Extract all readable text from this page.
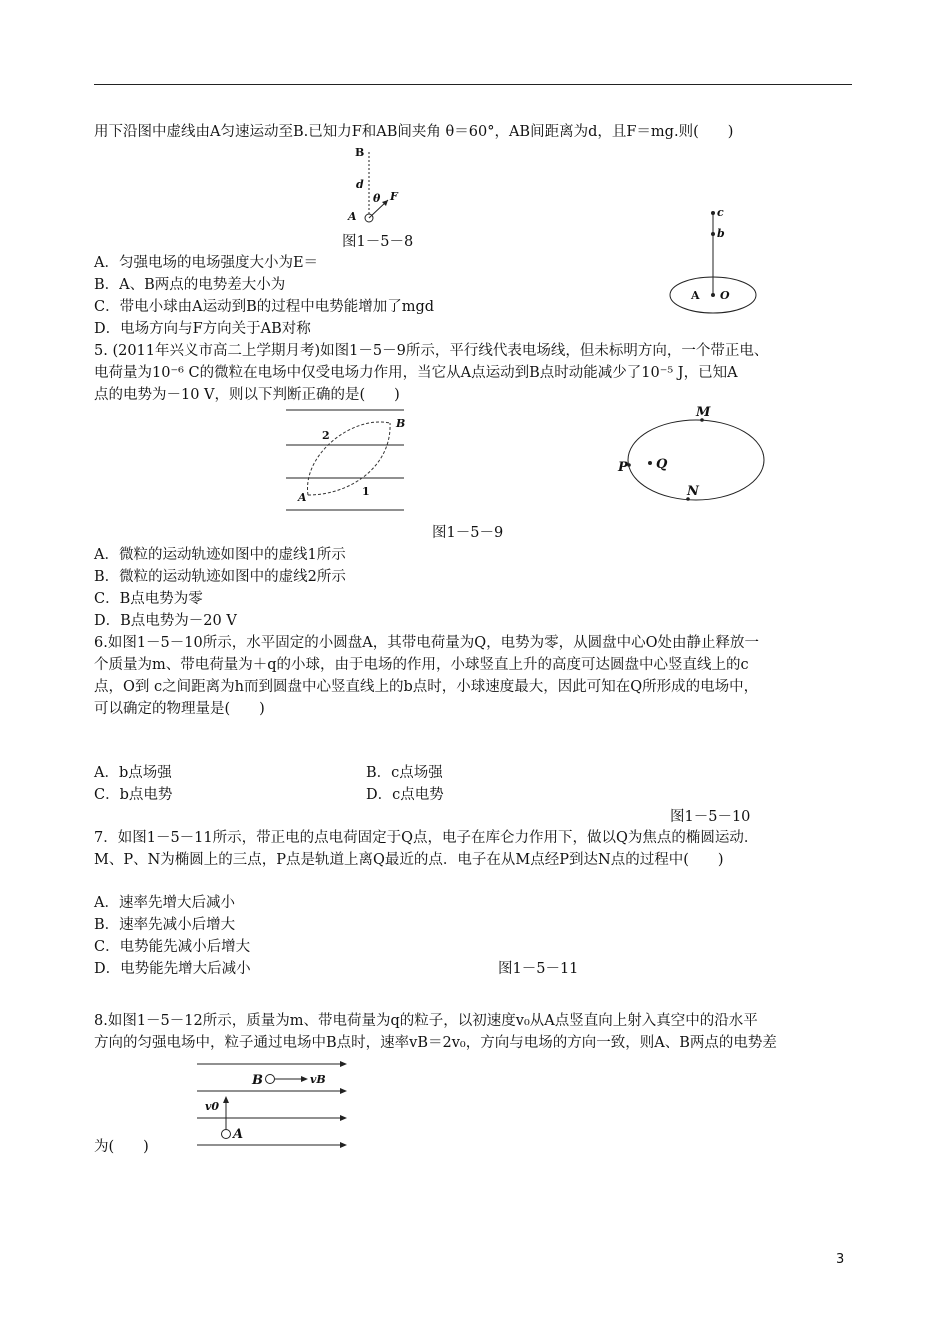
用下沿图中虚线由A匀速运动至B.已知力F和AB间夹角 θ＝60°，AB间距离为d，且F＝mg.则(　　)
B
d
A
θ F
图1－5－8
A．匀强电场的电场强度大小为E＝
B．A、B两点的电势差大小为
C．带电小球由A运动到B的过程中电势能增加了mgd
D．电场方向与F方向关于AB对称
c
b
A O
5. (2011年兴义市高二上学期月考)如图1－5－9所示，平行线代表电场线，但未标明方向，一个带正电、
电荷量为10⁻⁶ C的微粒在电场中仅受电场力作用，当它从A点运动到B点时动能减少了10⁻⁵ J，已知A
点的电势为－10 V，则以下判断正确的是(　　)
2
B
A	1
M
P Q
N
图1－5－9
A．微粒的运动轨迹如图中的虚线1所示
B．微粒的运动轨迹如图中的虚线2所示
C．B点电势为零
D．B点电势为－20 V
6.如图1－5－10所示，水平固定的小圆盘A，其带电荷量为Q，电势为零，从圆盘中心O处由静止释放一
个质量为m、带电荷量为＋q的小球，由于电场的作用，小球竖直上升的高度可达圆盘中心竖直线上的c
点，O到 c之间距离为h而到圆盘中心竖直线上的b点时，小球速度最大，因此可知在Q所形成的电场中，
可以确定的物理量是(　　)
A．b点场强	B．c点场强
C．b点电势	D．c点电势
图1－5－10
7．如图1－5－11所示，带正电的点电荷固定于Q点，电子在库仑力作用下，做以Q为焦点的椭圆运动．
M、P、N为椭圆上的三点，P点是轨道上离Q最近的点．电子在从M点经P到达N点的过程中(　　)
A．速率先增大后减小
B．速率先减小后增大
C．电势能先减小后增大
D．电势能先增大后减小	图1－5－11
8.如图1－5－12所示，质量为m、带电荷量为q的粒子，以初速度v₀从A点竖直向上射入真空中的沿水平
方向的匀强电场中，粒子通过电场中B点时，速率vB＝2v₀，方向与电场的方向一致，则A、B两点的电势差
B	vB
v0
A
为(　　)
3
